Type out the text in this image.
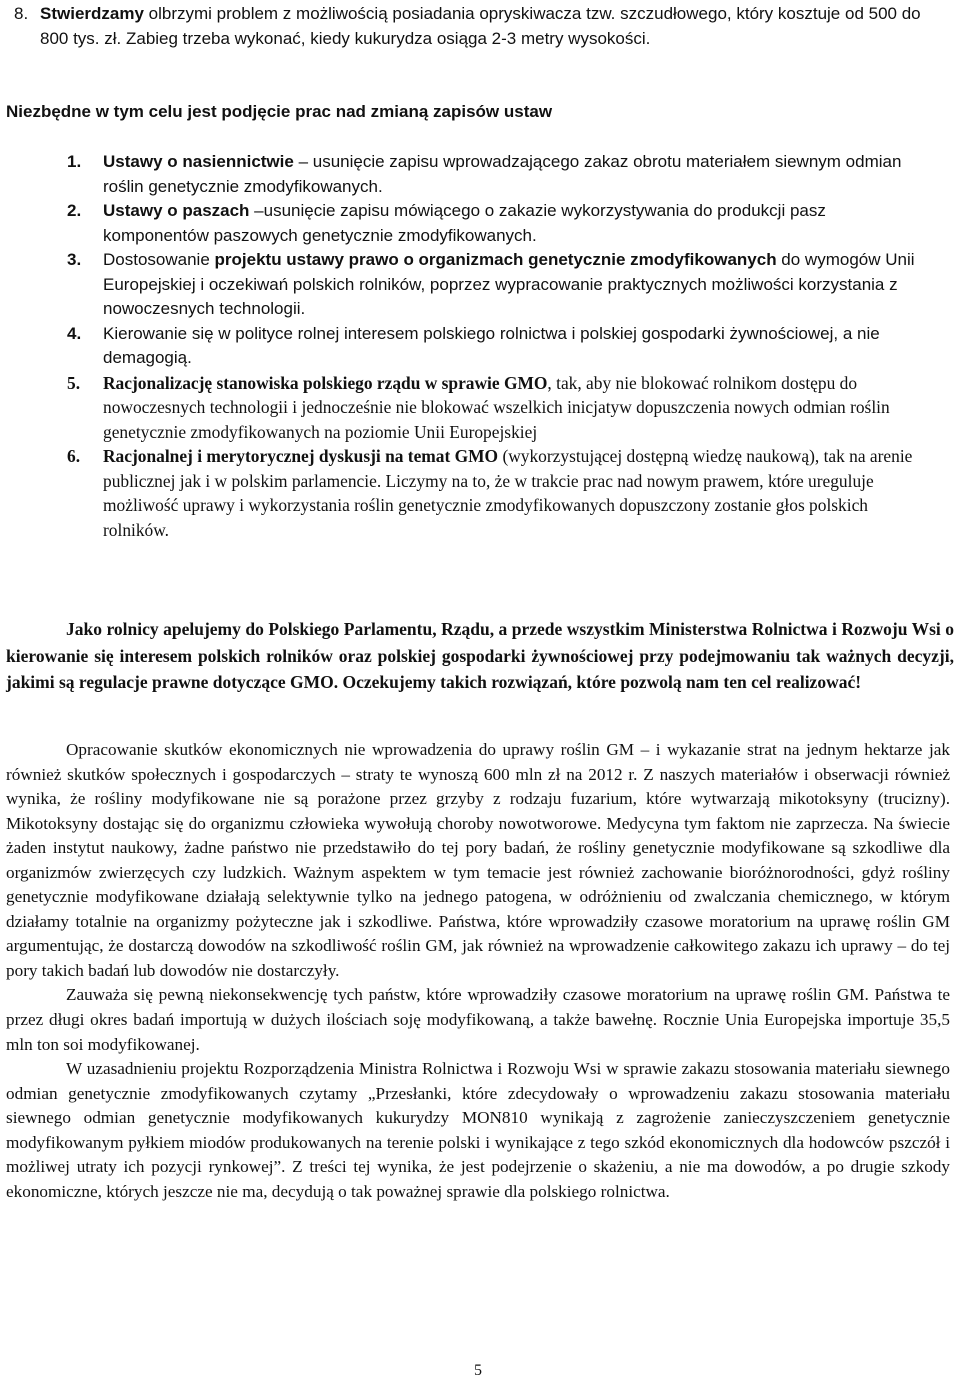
8. Stwierdzamy olbrzymi problem z możliwością posiadania opryskiwacza tzw. szczudłowego, który kosztuje od 500 do 800 tys. zł. Zabieg trzeba wykonać, kiedy kukurydza osiąga 2-3 metry wysokości.
Niezbędne w tym celu jest podjęcie prac nad zmianą zapisów ustaw
1. Ustawy o nasiennictwie – usunięcie zapisu wprowadzającego zakaz obrotu materiałem siewnym odmian roślin genetycznie zmodyfikowanych.
2. Ustawy o paszach –usunięcie zapisu mówiącego o zakazie wykorzystywania do produkcji pasz komponentów paszowych genetycznie zmodyfikowanych.
3. Dostosowanie projektu ustawy prawo o organizmach genetycznie zmodyfikowanych do wymogów Unii Europejskiej i oczekiwań polskich rolników, poprzez wypracowanie praktycznych możliwości korzystania z nowoczesnych technologii.
4. Kierowanie się w polityce rolnej interesem polskiego rolnictwa i polskiej gospodarki żywnościowej, a nie demagogią.
5. Racjonalizację stanowiska polskiego rządu w sprawie GMO, tak, aby nie blokować rolnikom dostępu do nowoczesnych technologii i jednocześnie nie blokować wszelkich inicjatyw dopuszczenia nowych odmian roślin genetycznie zmodyfikowanych na poziomie Unii Europejskiej
6. Racjonalnej i merytorycznej dyskusji na temat GMO (wykorzystującej dostępną wiedzę naukową), tak na arenie publicznej jak i w polskim parlamencie. Liczymy na to, że w trakcie prac nad nowym prawem, które ureguluje możliwość uprawy i wykorzystania roślin genetycznie zmodyfikowanych dopuszczony zostanie głos polskich rolników.

Jako rolnicy apelujemy do Polskiego Parlamentu, Rządu, a przede wszystkim Ministerstwa Rolnictwa i Rozwoju Wsi o kierowanie się interesem polskich rolników oraz polskiej gospodarki żywnościowej przy podejmowaniu tak ważnych decyzji, jakimi są regulacje prawne dotyczące GMO. Oczekujemy takich rozwiązań, które pozwolą nam ten cel realizować!

Opracowanie skutków ekonomicznych nie wprowadzenia do uprawy roślin GM – i wykazanie strat na jednym hektarze jak również skutków społecznych i gospodarczych – straty te wynoszą 600 mln zł na 2012 r. Z naszych materiałów i obserwacji również wynika, że rośliny modyfikowane nie są porażone przez grzyby z rodzaju fuzarium, które wytwarzają mikotoksyny (trucizny). Mikotoksyny dostając się do organizmu człowieka wywołują choroby nowotworowe. Medycyna tym faktom nie zaprzecza. Na świecie żaden instytut naukowy, żadne państwo nie przedstawiło do tej pory badań, że rośliny genetycznie modyfikowane są szkodliwe dla organizmów zwierzęcych czy ludzkich. Ważnym aspektem w tym temacie jest również zachowanie bioróżnorodności, gdyż rośliny genetycznie modyfikowane działają selektywnie tylko na jednego patogena, w odróżnieniu od zwalczania chemicznego, w którym działamy totalnie na organizmy pożyteczne jak i szkodliwe. Państwa, które wprowadziły czasowe moratorium na uprawę roślin GM argumentując, że dostarczą dowodów na szkodliwość roślin GM, jak również na wprowadzenie całkowitego zakazu ich uprawy – do tej pory takich badań lub dowodów nie dostarczyły.

Zauważa się pewną niekonsekwencję tych państw, które wprowadziły czasowe moratorium na uprawę roślin GM. Państwa te przez długi okres badań importują w dużych ilościach soję modyfikowaną, a także bawełnę. Rocznie Unia Europejska importuje 35,5 mln ton soi modyfikowanej.

W uzasadnieniu projektu Rozporządzenia Ministra Rolnictwa i Rozwoju Wsi w sprawie zakazu stosowania materiału siewnego odmian genetycznie zmodyfikowanych czytamy „Przesłanki, które zdecydowały o wprowadzeniu zakazu stosowania materiału siewnego odmian genetycznie modyfikowanych kukurydzy MON810 wynikają z zagrożenie zanieczyszczeniem genetycznie modyfikowanym pyłkiem miodów produkowanych na terenie polski i wynikające z tego szkód ekonomicznych dla hodowców pszczół i możliwej utraty ich pozycji rynkowej”. Z treści tej wynika, że jest podejrzenie o skażeniu, a nie ma dowodów, a po drugie szkody ekonomiczne, których jeszcze nie ma, decydują o tak poważnej sprawie dla polskiego rolnictwa.

5
